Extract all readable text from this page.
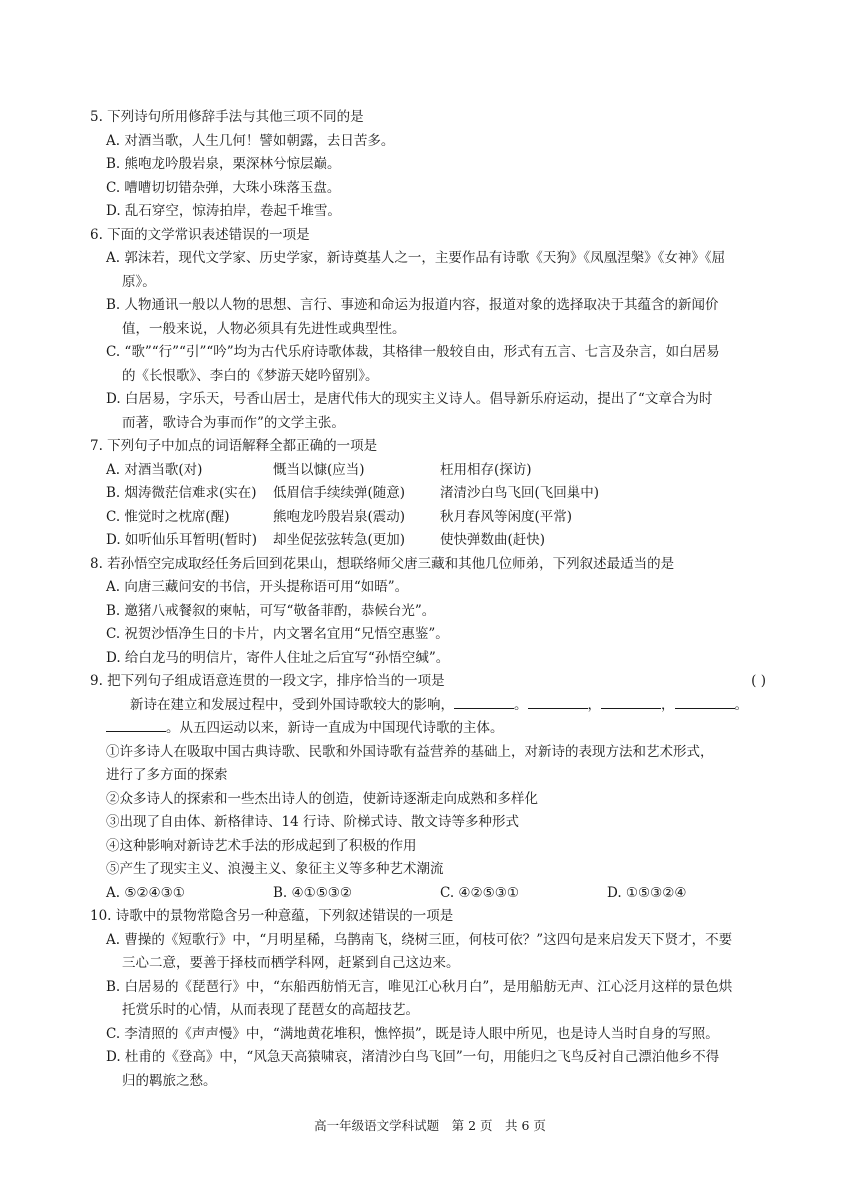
5. 下列诗句所用修辞手法与其他三项不同的是

A. 对酒当歌，人生几何！譬如朝露，去日苦多。

B. 熊咆龙吟殷岩泉，栗深林兮惊层巅。

C. 嘈嘈切切错杂弹，大珠小珠落玉盘。

D. 乱石穿空，惊涛拍岸，卷起千堆雪。

6. 下面的文学常识表述错误的一项是

A. 郭沫若，现代文学家、历史学家，新诗奠基人之一，主要作品有诗歌《天狗》《凤凰涅槃》《女神》《屈

原》。

B. 人物通讯一般以人物的思想、言行、事迹和命运为报道内容，报道对象的选择取决于其蕴含的新闻价

值，一般来说，人物必须具有先进性或典型性。

C. “歌”“行”“引”“吟”均为古代乐府诗歌体裁，其格律一般较自由，形式有五言、七言及杂言，如白居易

的《长恨歌》、李白的《梦游天姥吟留别》。

D. 白居易，字乐天，号香山居士，是唐代伟大的现实主义诗人。倡导新乐府运动，提出了“文章合为时

而著，歌诗合为事而作”的文学主张。

7. 下列句子中加点的词语解释全都正确的一项是

A. 对酒当歌(对)	慨当以慷(应当)	枉用相存(探访)
B. 烟涛微茫信难求(实在)	低眉信手续续弹(随意)	渚清沙白鸟飞回(飞回巢中)
C. 惟觉时之枕席(醒)	熊咆龙吟殷岩泉(震动)	秋月春风等闲度(平常)
D. 如听仙乐耳暂明(暂时)	却坐促弦弦转急(更加)	使快弹数曲(赶快)

8. 若孙悟空完成取经任务后回到花果山，想联络师父唐三藏和其他几位师弟，下列叙述最适当的是

A. 向唐三藏问安的书信，开头提称语可用“如晤”。

B. 邀猪八戒餐叙的柬帖，可写“敬备菲酌，恭候台光”。

C. 祝贺沙悟净生日的卡片，内文署名宜用“兄悟空惠鉴”。

D. 给白龙马的明信片，寄件人住址之后宜写“孙悟空缄”。

9. 把下列句子组成语意连贯的一段文字，排序恰当的一项是	( )

新诗在建立和发展过程中，受到外国诗歌较大的影响，	。	，	，	。

。从五四运动以来，新诗一直成为中国现代诗歌的主体。

①许多诗人在吸取中国古典诗歌、民歌和外国诗歌有益营养的基础上，对新诗的表现方法和艺术形式，

进行了多方面的探索

②众多诗人的探索和一些杰出诗人的创造，使新诗逐渐走向成熟和多样化

③出现了自由体、新格律诗、14 行诗、阶梯式诗、散文诗等多种形式

④这种影响对新诗艺术手法的形成起到了积极的作用

⑤产生了现实主义、浪漫主义、象征主义等多种艺术潮流

A. ⑤②④③①	B. ④①⑤③②	C. ④②⑤③①	D. ①⑤③②④

10. 诗歌中的景物常隐含另一种意蕴，下列叙述错误的一项是

A. 曹操的《短歌行》中，“月明星稀，乌鹊南飞，绕树三匝，何枝可依？”这四句是来启发天下贤才，不要

三心二意，要善于择枝而栖学科网，赶紧到自己这边来。

B. 白居易的《琵琶行》中，“东船西舫悄无言，唯见江心秋月白”，是用船舫无声、江心泛月这样的景色烘

托赏乐时的心情，从而表现了琵琶女的高超技艺。

C. 李清照的《声声慢》中，“满地黄花堆积，憔悴损”，既是诗人眼中所见，也是诗人当时自身的写照。

D. 杜甫的《登高》中，“风急天高猿啸哀，渚清沙白鸟飞回”一句，用能归之飞鸟反衬自己漂泊他乡不得

归的羁旅之愁。

高一年级语文学科试题　第 2 页　共 6 页
